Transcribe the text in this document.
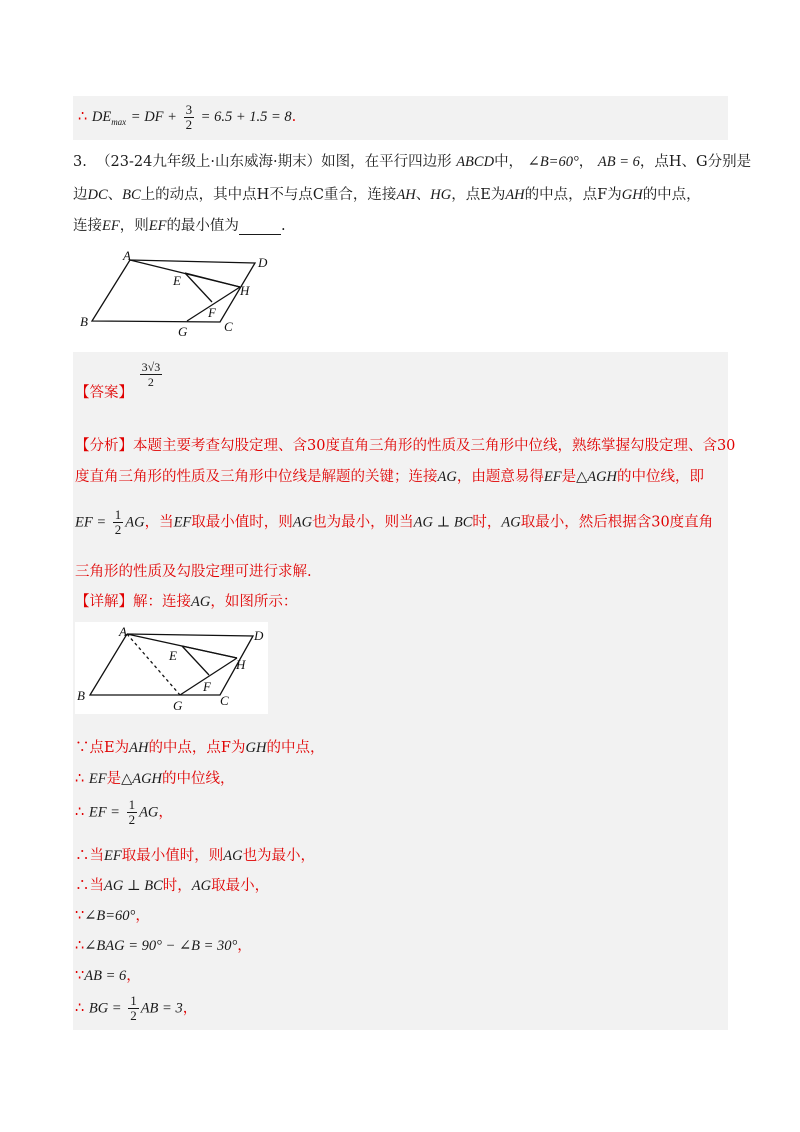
∴ $DE_{max}$ = DF + $\frac{3}{2} = 6.5 + 1.5 = 8$.
3. （23-24九年级上·山东威海·期末）如图，在平行四边形 ABCD中， ∠B=60°， AB = 6，点H、G分别是
边DC、BC上的动点，其中点H不与点C重合，连接AH、HG，点E为AH的中点，点F为GH的中点，
连接EF，则EF的最小值为	.
A	D
E
H
F
B
G	C
【答案】
$\frac{3√3}{2}$
【分析】本题主要考查勾股定理、含30度直角三角形的性质及三角形中位线，熟练掌握勾股定理、含30
度直角三角形的性质及三角形中位线是解题的关键；连接AG，由题意易得EF是△AGH的中位线，即
EF = $\frac{1}{2}$ AG，当EF取最小值时，则AG也为最小，则当AG ⊥ BC时，AG取最小，然后根据含30度直角
三角形的性质及勾股定理可进行求解.
【详解】解：连接AG，如图所示：
A	D
E
H
F
B
G	C
∵点E为AH的中点，点F为GH的中点，
∴ EF是△AGH的中位线，
∴ EF = $\frac{1}{2}$ AG，
∴当EF取最小值时，则AG也为最小，
∴当AG ⊥ BC时，AG取最小，
∵∠B=60°，
∴∠BAG = 90° − ∠B = 30°，
∵AB = 6，
∴ BG = $\frac{1}{2}$ AB = 3，
